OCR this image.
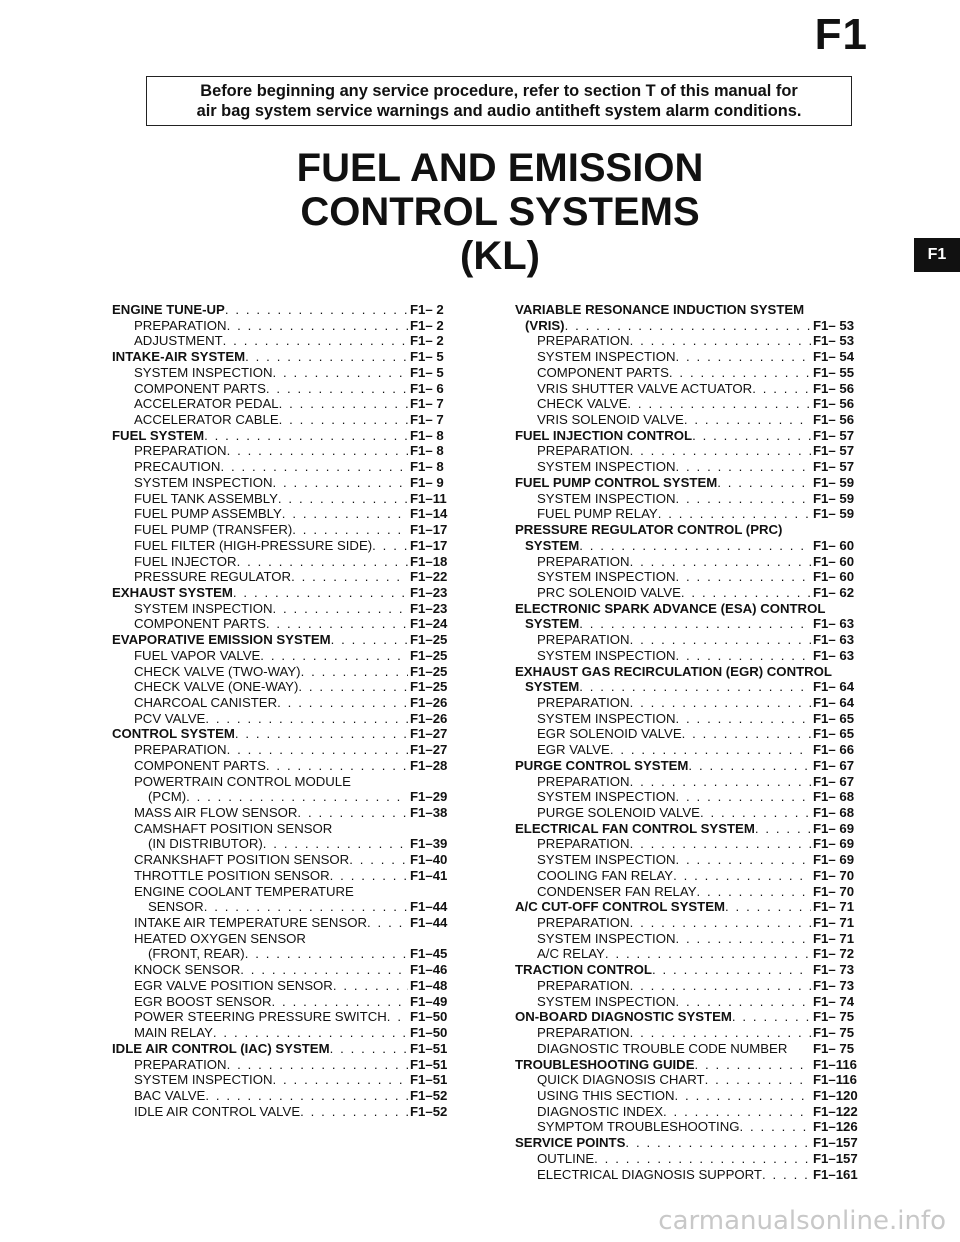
F1

Before beginning any service procedure, refer to section T of this manual for
air bag system service warnings and audio antitheft system alarm conditions.

FUEL AND EMISSION
CONTROL SYSTEMS
(KL)	F1
ENGINE TUNE-UP . . .	F1– 2
PREPARATION . . .	F1– 2
ADJUSTMENT . . .	F1– 2
INTAKE-AIR SYSTEM . . .	F1– 5
SYSTEM INSPECTION . . .	F1– 5
COMPONENT PARTS . . .	F1– 6
ACCELERATOR PEDAL . . .	F1– 7
ACCELERATOR CABLE . . .	F1– 7
FUEL SYSTEM . . .	F1– 8
PREPARATION . . .	F1– 8
PRECAUTION . . .	F1– 8
SYSTEM INSPECTION . . .	F1– 9
FUEL TANK ASSEMBLY . . .	F1–11
FUEL PUMP ASSEMBLY . . .	F1–14
FUEL PUMP (TRANSFER) . . .	F1–17
FUEL FILTER (HIGH-PRESSURE SIDE) . . .	F1–17
FUEL INJECTOR . . .	F1–18
PRESSURE REGULATOR . . .	F1–22
EXHAUST SYSTEM . . .	F1–23
SYSTEM INSPECTION . . .	F1–23
COMPONENT PARTS . . .	F1–24
EVAPORATIVE EMISSION SYSTEM . . .	F1–25
FUEL VAPOR VALVE . . .	F1–25
CHECK VALVE (TWO-WAY) . . .	F1–25
CHECK VALVE (ONE-WAY) . . .	F1–25
CHARCOAL CANISTER . . .	F1–26
PCV VALVE . . .	F1–26
CONTROL SYSTEM . . .	F1–27
PREPARATION . . .	F1–27
COMPONENT PARTS . . .	F1–28
POWERTRAIN CONTROL MODULE
(PCM) . . .	F1–29
MASS AIR FLOW SENSOR . . .	F1–38
CAMSHAFT POSITION SENSOR
(IN DISTRIBUTOR) . . .	F1–39
CRANKSHAFT POSITION SENSOR . . .	F1–40
THROTTLE POSITION SENSOR . . .	F1–41
ENGINE COOLANT TEMPERATURE
SENSOR . . .	F1–44
INTAKE AIR TEMPERATURE SENSOR . . .	F1–44
HEATED OXYGEN SENSOR
(FRONT, REAR) . . .	F1–45
KNOCK SENSOR . . .	F1–46
EGR VALVE POSITION SENSOR . . .	F1–48
EGR BOOST SENSOR . . .	F1–49
POWER STEERING PRESSURE SWITCH . . . F1–50
MAIN RELAY . . .	F1–50
IDLE AIR CONTROL (IAC) SYSTEM . . .	F1–51
PREPARATION . . .	F1–51
SYSTEM INSPECTION . . .	F1–51
BAC VALVE . . .	F1–52
IDLE AIR CONTROL VALVE . . .	F1–52
VARIABLE RESONANCE INDUCTION SYSTEM
(VRIS) . . .	F1– 53
PREPARATION . . .	F1– 53
SYSTEM INSPECTION . . .	F1– 54
COMPONENT PARTS . . .	F1– 55
VRIS SHUTTER VALVE ACTUATOR . . .	F1– 56
CHECK VALVE . . .	F1– 56
VRIS SOLENOID VALVE . . .	F1– 56
FUEL INJECTION CONTROL . . .	F1– 57
PREPARATION . . .	F1– 57
SYSTEM INSPECTION . . .	F1– 57
FUEL PUMP CONTROL SYSTEM . . .	F1– 59
SYSTEM INSPECTION . . .	F1– 59
FUEL PUMP RELAY . . .	F1– 59
PRESSURE REGULATOR CONTROL (PRC)
SYSTEM . . .	F1– 60
PREPARATION . . .	F1– 60
SYSTEM INSPECTION . . .	F1– 60
PRC SOLENOID VALVE . . .	F1– 62
ELECTRONIC SPARK ADVANCE (ESA) CONTROL
SYSTEM . . .	F1– 63
PREPARATION . . .	F1– 63
SYSTEM INSPECTION . . .	F1– 63
EXHAUST GAS RECIRCULATION (EGR) CONTROL
SYSTEM . . .	F1– 64
PREPARATION . . .	F1– 64
SYSTEM INSPECTION . . .	F1– 65
EGR SOLENOID VALVE . . .	F1– 65
EGR VALVE . . .	F1– 66
PURGE CONTROL SYSTEM . . .	F1– 67
PREPARATION . . .	F1– 67
SYSTEM INSPECTION . . .	F1– 68
PURGE SOLENOID VALVE . . .	F1– 68
ELECTRICAL FAN CONTROL SYSTEM . . .	F1– 69
PREPARATION . . .	F1– 69
SYSTEM INSPECTION . . .	F1– 69
COOLING FAN RELAY . . .	F1– 70
CONDENSER FAN RELAY . . .	F1– 70
A/C CUT-OFF CONTROL SYSTEM . . .	F1– 71
PREPARATION . . .	F1– 71
SYSTEM INSPECTION . . .	F1– 71
A/C RELAY . . .	F1– 72
TRACTION CONTROL . . .	F1– 73
PREPARATION . . .	F1– 73
SYSTEM INSPECTION . . .	F1– 74
ON-BOARD DIAGNOSTIC SYSTEM . . .	F1– 75
PREPARATION . . .	F1– 75
DIAGNOSTIC TROUBLE CODE NUMBER F1– 75
TROUBLESHOOTING GUIDE . . .	F1–116
QUICK DIAGNOSIS CHART . . .	F1–116
USING THIS SECTION . . .	F1–120
DIAGNOSTIC INDEX . . .	F1–122
SYMPTOM TROUBLESHOOTING . . .	F1–126
SERVICE POINTS . . .	F1–157
OUTLINE . . .	F1–157
ELECTRICAL DIAGNOSIS SUPPORT . . .	F1–161
carmanualsonline.info
